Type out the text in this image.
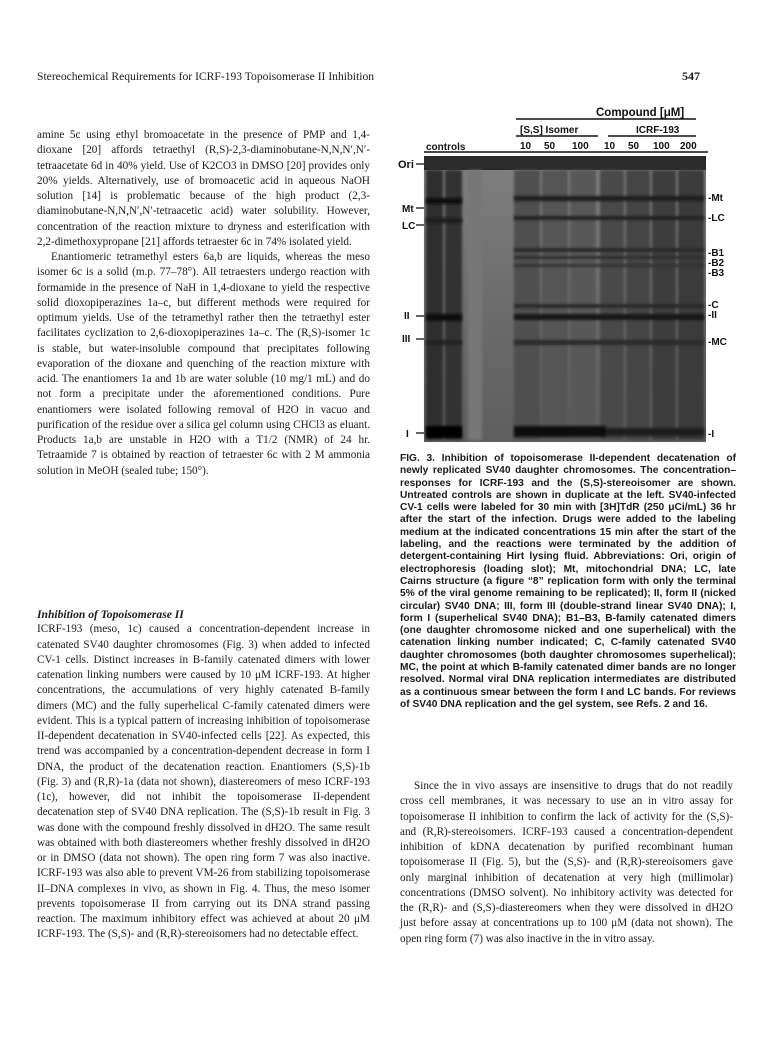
Stereochemical Requirements for ICRF-193 Topoisomerase II Inhibition	547

amine 5c using ethyl bromoacetate in the presence of PMP and 1,4-dioxane [20] affords tetraethyl (R,S)-2,3-diaminobutane-N,N,N′,N′-tetraacetate 6d in 40% yield. Use of K2CO3 in DMSO [20] provides only 20% yields. Alternatively, use of bromoacetic acid in aqueous NaOH solution [14] is problematic because of the high product (2,3-diaminobutane-N,N,N′,N′-tetraacetic acid) water solubility. However, concentration of the reaction mixture to dryness and esterification with 2,2-dimethoxypropane [21] affords tetraester 6c in 74% isolated yield.

Enantiomeric tetramethyl esters 6a,b are liquids, whereas the meso isomer 6c is a solid (m.p. 77–78°). All tetraesters undergo reaction with formamide in the presence of NaH in 1,4-dioxane to yield the respective solid dioxopiperazines 1a–c, but different methods were required for optimum yields. Use of the tetramethyl rather then the tetraethyl ester facilitates cyclization to 2,6-dioxopiperazines 1a–c. The (R,S)-isomer 1c is stable, but water-insoluble compound that precipitates following evaporation of the dioxane and quenching of the reaction mixture with acid. The enantiomers 1a and 1b are water soluble (10 mg/1 mL) and do not form a precipitate under the aforementioned conditions. Pure enantiomers were isolated following removal of H2O in vacuo and purification of the residue over a silica gel column using CHCl3 as eluant. Products 1a,b are unstable in H2O with a T1/2 (NMR) of 24 hr. Tetraamide 7 is obtained by reaction of tetraester 6c with 2 M ammonia solution in MeOH (sealed tube; 150°).

Inhibition of Topoisomerase II

ICRF-193 (meso, 1c) caused a concentration-dependent increase in catenated SV40 daughter chromosomes (Fig. 3) when added to infected CV-1 cells. Distinct increases in B-family catenated dimers with lower catenation linking numbers were caused by 10 μM ICRF-193. At higher concentrations, the accumulations of very highly catenated B-family dimers (MC) and the fully superhelical C-family catenated dimers were evident. This is a typical pattern of increasing inhibition of topoisomerase II-dependent decatenation in SV40-infected cells [22]. As expected, this trend was accompanied by a concentration-dependent decrease in form I DNA, the product of the decatenation reaction. Enantiomers (S,S)-1b (Fig. 3) and (R,R)-1a (data not shown), diastereomers of meso ICRF-193 (1c), however, did not inhibit the topoisomerase II-dependent decatenation step of SV40 DNA replication. The (S,S)-1b result in Fig. 3 was done with the compound freshly dissolved in dH2O. The same result was obtained with both diastereomers whether freshly dissolved in dH2O or in DMSO (data not shown). The open ring form 7 was also inactive. ICRF-193 was also able to prevent VM-26 from stabilizing topoisomerase II–DNA complexes in vivo, as shown in Fig. 4. Thus, the meso isomer prevents topoisomerase II from carrying out its DNA strand passing reaction. The maximum inhibitory effect was achieved at about 20 μM ICRF-193. The (S,S)- and (R,R)-stereoisomers had no detectable effect.

Compound [μM]
[S,S] Isomer	ICRF-193
controls	10 50 100 10 50 100 200
Ori
Mt
LC
II
III
I
-Mt
-LC
-B1
-B2
-B3
-C
-II
-MC
-I

FIG. 3. Inhibition of topoisomerase II-dependent decatenation of newly replicated SV40 daughter chromosomes. The concentration–responses for ICRF-193 and the (S,S)-stereoisomer are shown. Untreated controls are shown in duplicate at the left. SV40-infected CV-1 cells were labeled for 30 min with [3H]TdR (250 μCi/mL) 36 hr after the start of the infection. Drugs were added to the labeling medium at the indicated concentrations 15 min after the start of the labeling, and the reactions were terminated by the addition of detergent-containing Hirt lysing fluid. Abbreviations: Ori, origin of electrophoresis (loading slot); Mt, mitochondrial DNA; LC, late Cairns structure (a figure “8” replication form with only the terminal 5% of the viral genome remaining to be replicated); II, form II (nicked circular) SV40 DNA; III, form III (double-strand linear SV40 DNA); I, form I (superhelical SV40 DNA); B1–B3, B-family catenated dimers (one daughter chromosome nicked and one superhelical) with the catenation linking number indicated; C, C-family catenated SV40 daughter chromosomes (both daughter chromosomes superhelical); MC, the point at which B-family catenated dimer bands are no longer resolved. Normal viral DNA replication intermediates are distributed as a continuous smear between the form I and LC bands. For reviews of SV40 DNA replication and the gel system, see Refs. 2 and 16.

Since the in vivo assays are insensitive to drugs that do not readily cross cell membranes, it was necessary to use an in vitro assay for topoisomerase II inhibition to confirm the lack of activity for the (S,S)- and (R,R)-stereoisomers. ICRF-193 caused a concentration-dependent inhibition of kDNA decatenation by purified recombinant human topoisomerase II (Fig. 5), but the (S,S)- and (R,R)-stereoisomers gave only marginal inhibition of decatenation at very high (millimolar) concentrations (DMSO solvent). No inhibitory activity was detected for the (R,R)- and (S,S)-diastereomers when they were dissolved in dH2O just before assay at concentrations up to 100 μM (data not shown). The open ring form (7) was also inactive in the in vitro assay.
